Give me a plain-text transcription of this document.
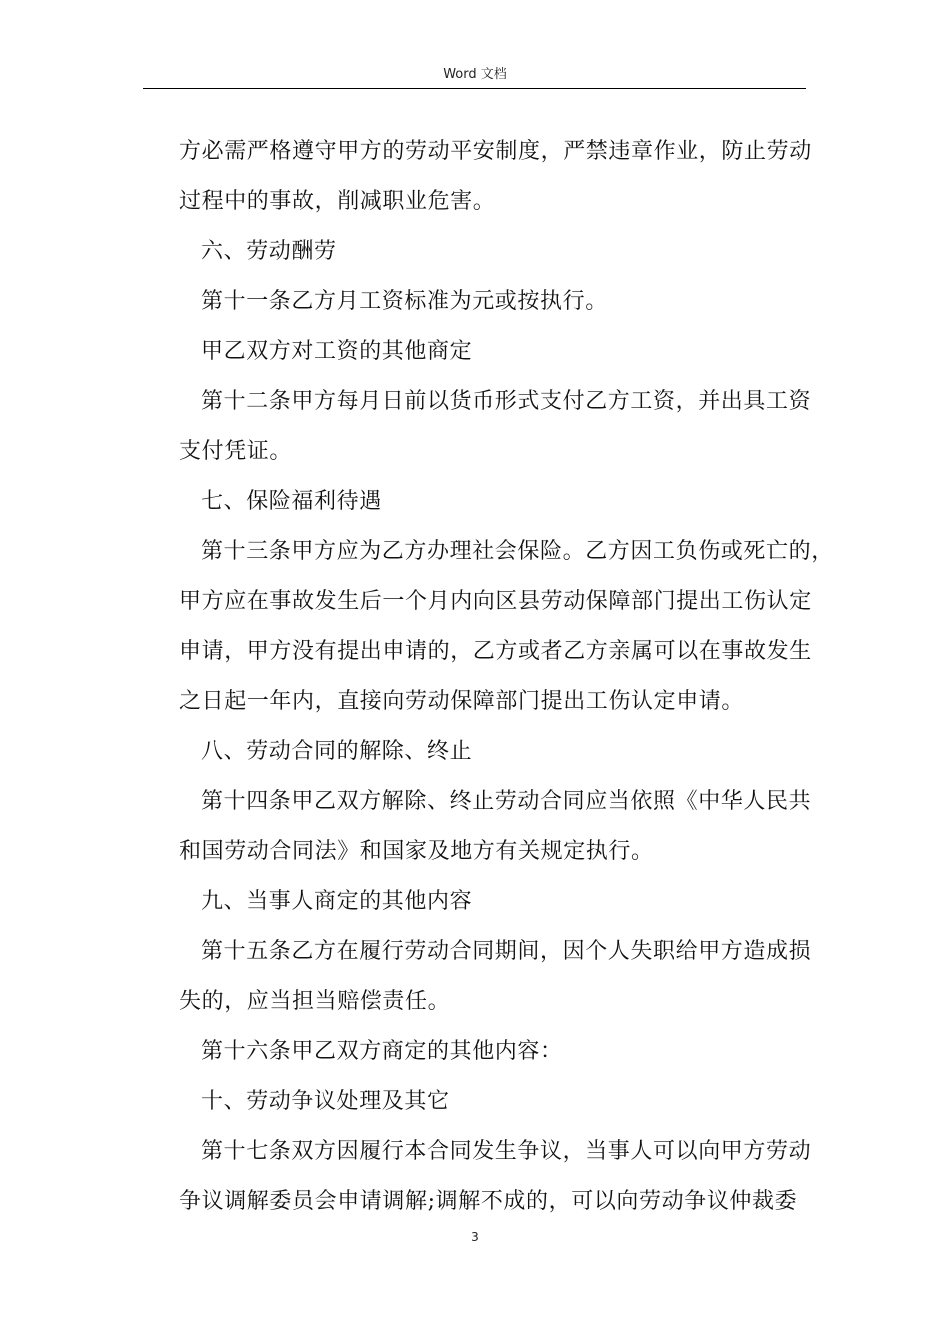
Word 文档

方必需严格遵守甲方的劳动平安制度，严禁违章作业，防止劳动

过程中的事故，削减职业危害。

六、劳动酬劳

第十一条乙方月工资标准为元或按执行。

甲乙双方对工资的其他商定

第十二条甲方每月日前以货币形式支付乙方工资，并出具工资

支付凭证。

七、保险福利待遇

第十三条甲方应为乙方办理社会保险。乙方因工负伤或死亡的，

甲方应在事故发生后一个月内向区县劳动保障部门提出工伤认定

申请，甲方没有提出申请的，乙方或者乙方亲属可以在事故发生

之日起一年内，直接向劳动保障部门提出工伤认定申请。

八、劳动合同的解除、终止

第十四条甲乙双方解除、终止劳动合同应当依照《中华人民共

和国劳动合同法》和国家及地方有关规定执行。

九、当事人商定的其他内容

第十五条乙方在履行劳动合同期间，因个人失职给甲方造成损

失的，应当担当赔偿责任。

第十六条甲乙双方商定的其他内容：

十、劳动争议处理及其它

第十七条双方因履行本合同发生争议，当事人可以向甲方劳动

争议调解委员会申请调解;调解不成的，可以向劳动争议仲裁委

3
